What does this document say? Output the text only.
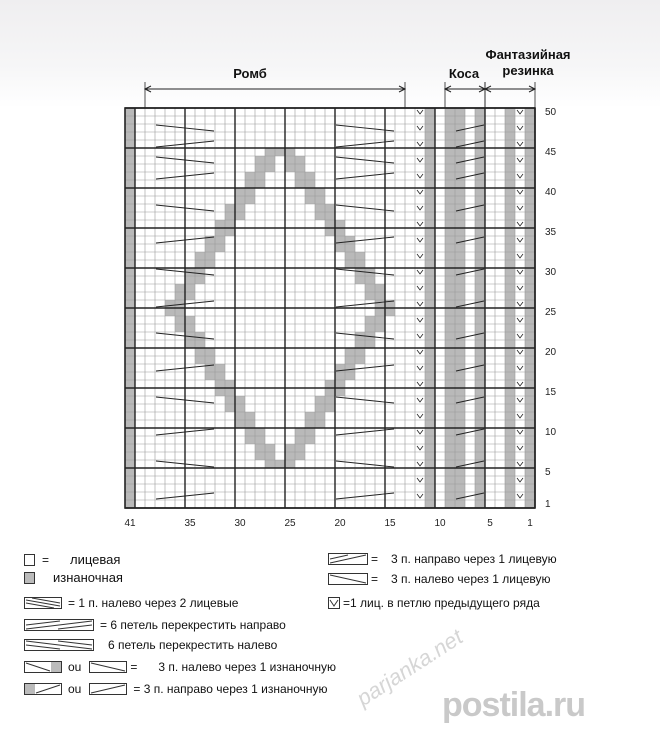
50
45
40
35
30
25
20
15
10
5
1
41	35	30	25	20	15	10	5	1
Ромб	Коса
Фантазийная
резинка
= лицевая
изнаночная
= 1 п. налево через 2 лицевые
= 6 петель перекрестить направо
6 петель перекрестить налево
ou	= 3 п. налево через 1 изнаночную
ou	= 3 п. направо через 1 изнаночную
= 3 п. направо через 1 лицевую
= 3 п. налево через 1 лицевую
=1 лиц. в петлю предыдущего ряда
parjanka.net
postila.ru
